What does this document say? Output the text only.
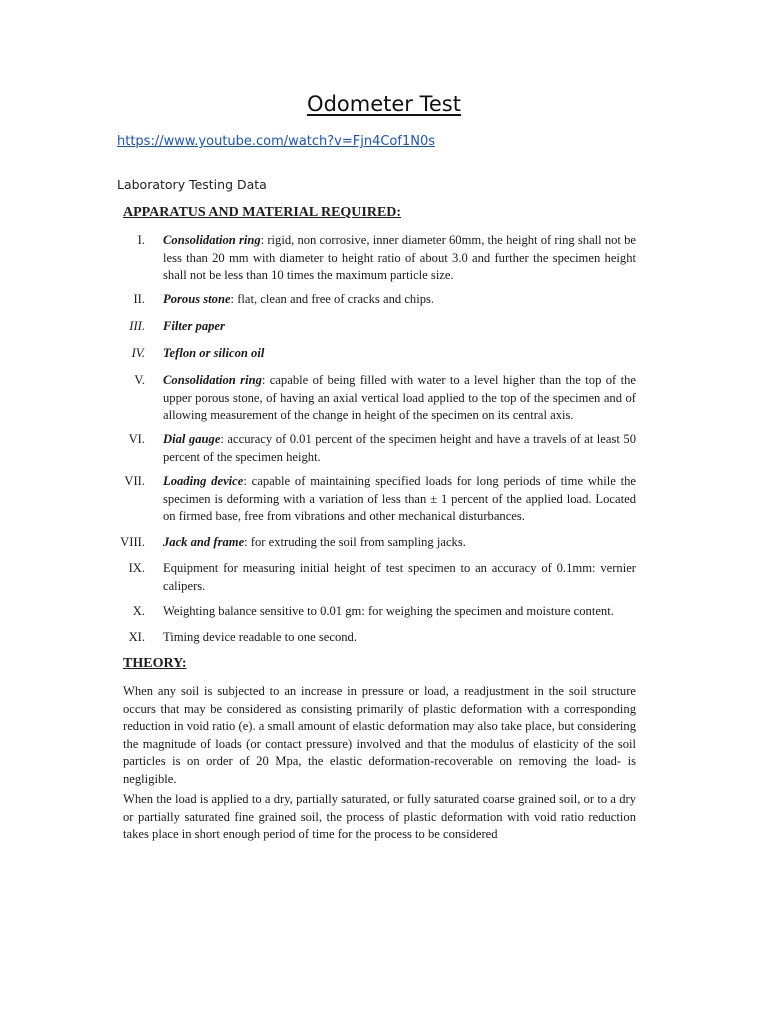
Odometer Test
https://www.youtube.com/watch?v=Fjn4Cof1N0s
Laboratory Testing Data
APPARATUS AND MATERIAL REQUIRED:
I. Consolidation ring: rigid, non corrosive, inner diameter 60mm, the height of ring shall not be less than 20 mm with diameter to height ratio of about 3.0 and further the specimen height shall not be less than 10 times the maximum particle size.
II. Porous stone: flat, clean and free of cracks and chips.
III. Filter paper
IV. Teflon or silicon oil
V. Consolidation ring: capable of being filled with water to a level higher than the top of the upper porous stone, of having an axial vertical load applied to the top of the specimen and of allowing measurement of the change in height of the specimen on its central axis.
VI. Dial gauge: accuracy of 0.01 percent of the specimen height and have a travels of at least 50 percent of the specimen height.
VII. Loading device: capable of maintaining specified loads for long periods of time while the specimen is deforming with a variation of less than ± 1 percent of the applied load. Located on firmed base, free from vibrations and other mechanical disturbances.
VIII. Jack and frame: for extruding the soil from sampling jacks.
IX. Equipment for measuring initial height of test specimen to an accuracy of 0.1mm: vernier calipers.
X. Weighting balance sensitive to 0.01 gm: for weighing the specimen and moisture content.
XI. Timing device readable to one second.
THEORY:
When any soil is subjected to an increase in pressure or load, a readjustment in the soil structure occurs that may be considered as consisting primarily of plastic deformation with a corresponding reduction in void ratio (e). a small amount of elastic deformation may also take place, but considering the magnitude of loads (or contact pressure) involved and that the modulus of elasticity of the soil particles is on order of 20 Mpa, the elastic deformation-recoverable on removing the load- is negligible.
When the load is applied to a dry, partially saturated, or fully saturated coarse grained soil, or to a dry or partially saturated fine grained soil, the process of plastic deformation with void ratio reduction takes place in short enough period of time for the process to be considered
